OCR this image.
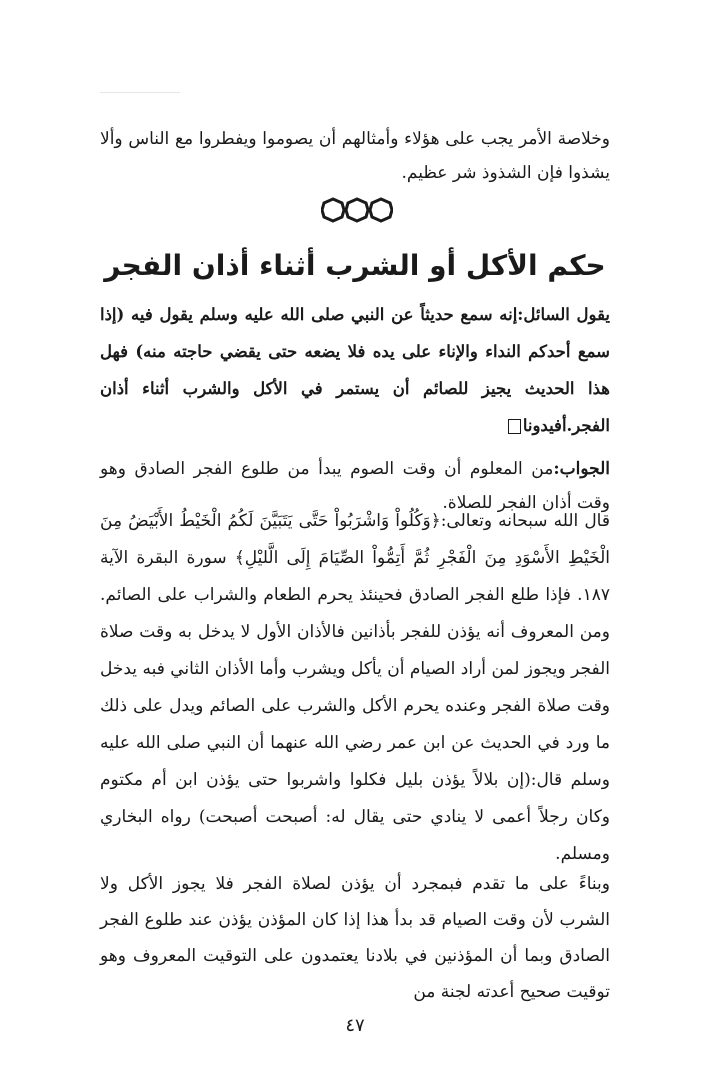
وخلاصة الأمر يجب على هؤلاء وأمثالهم أن يصوموا ويفطروا مع الناس وألا يشذوا فإن الشذوذ شر عظيم.

حكم الأكل أو الشرب أثناء أذان الفجر

يقول السائل:إنه سمع حديثاً عن النبي صلى الله عليه وسلم يقول فيه (إذا سمع أحدكم النداء والإناء على يده فلا يضعه حتى يقضي حاجته منه) فهل هذا الحديث يجيز للصائم أن يستمر في الأكل والشرب أثناء أذان الفجر.أفيدونا

الجواب:من المعلوم أن وقت الصوم يبدأ من طلوع الفجر الصادق وهو وقت أذان الفجر للصلاة.

قال الله سبحانه وتعالى:﴿وَكُلُواْ وَاشْرَبُواْ حَتَّى يَتَبَيَّنَ لَكُمُ الْخَيْطُ الأَبْيَضُ مِنَ الْخَيْطِ الأَسْوَدِ مِنَ الْفَجْرِ ثُمَّ أَتِمُّواْ الصِّيَامَ إِلَى الَّليْلِ﴾ سورة البقرة الآية ١٨٧. فإذا طلع الفجر الصادق فحينئذ يحرم الطعام والشراب على الصائم. ومن المعروف أنه يؤذن للفجر بأذانين فالأذان الأول لا يدخل به وقت صلاة الفجر ويجوز لمن أراد الصيام أن يأكل ويشرب وأما الأذان الثاني فبه يدخل وقت صلاة الفجر وعنده يحرم الأكل والشرب على الصائم ويدل على ذلك ما ورد في الحديث عن ابن عمر رضي الله عنهما أن النبي صلى الله عليه وسلم قال:(إن بلالاً يؤذن بليل فكلوا واشربوا حتى يؤذن ابن أم مكتوم وكان رجلاً أعمى لا ينادي حتى يقال له: أصبحت أصبحت) رواه البخاري ومسلم.

وبناءً على ما تقدم فبمجرد أن يؤذن لصلاة الفجر فلا يجوز الأكل ولا الشرب لأن وقت الصيام قد بدأ هذا إذا كان المؤذن يؤذن عند طلوع الفجر الصادق وبما أن المؤذنين في بلادنا يعتمدون على التوقيت المعروف وهو توقيت صحيح أعدته لجنة من

٤٧
